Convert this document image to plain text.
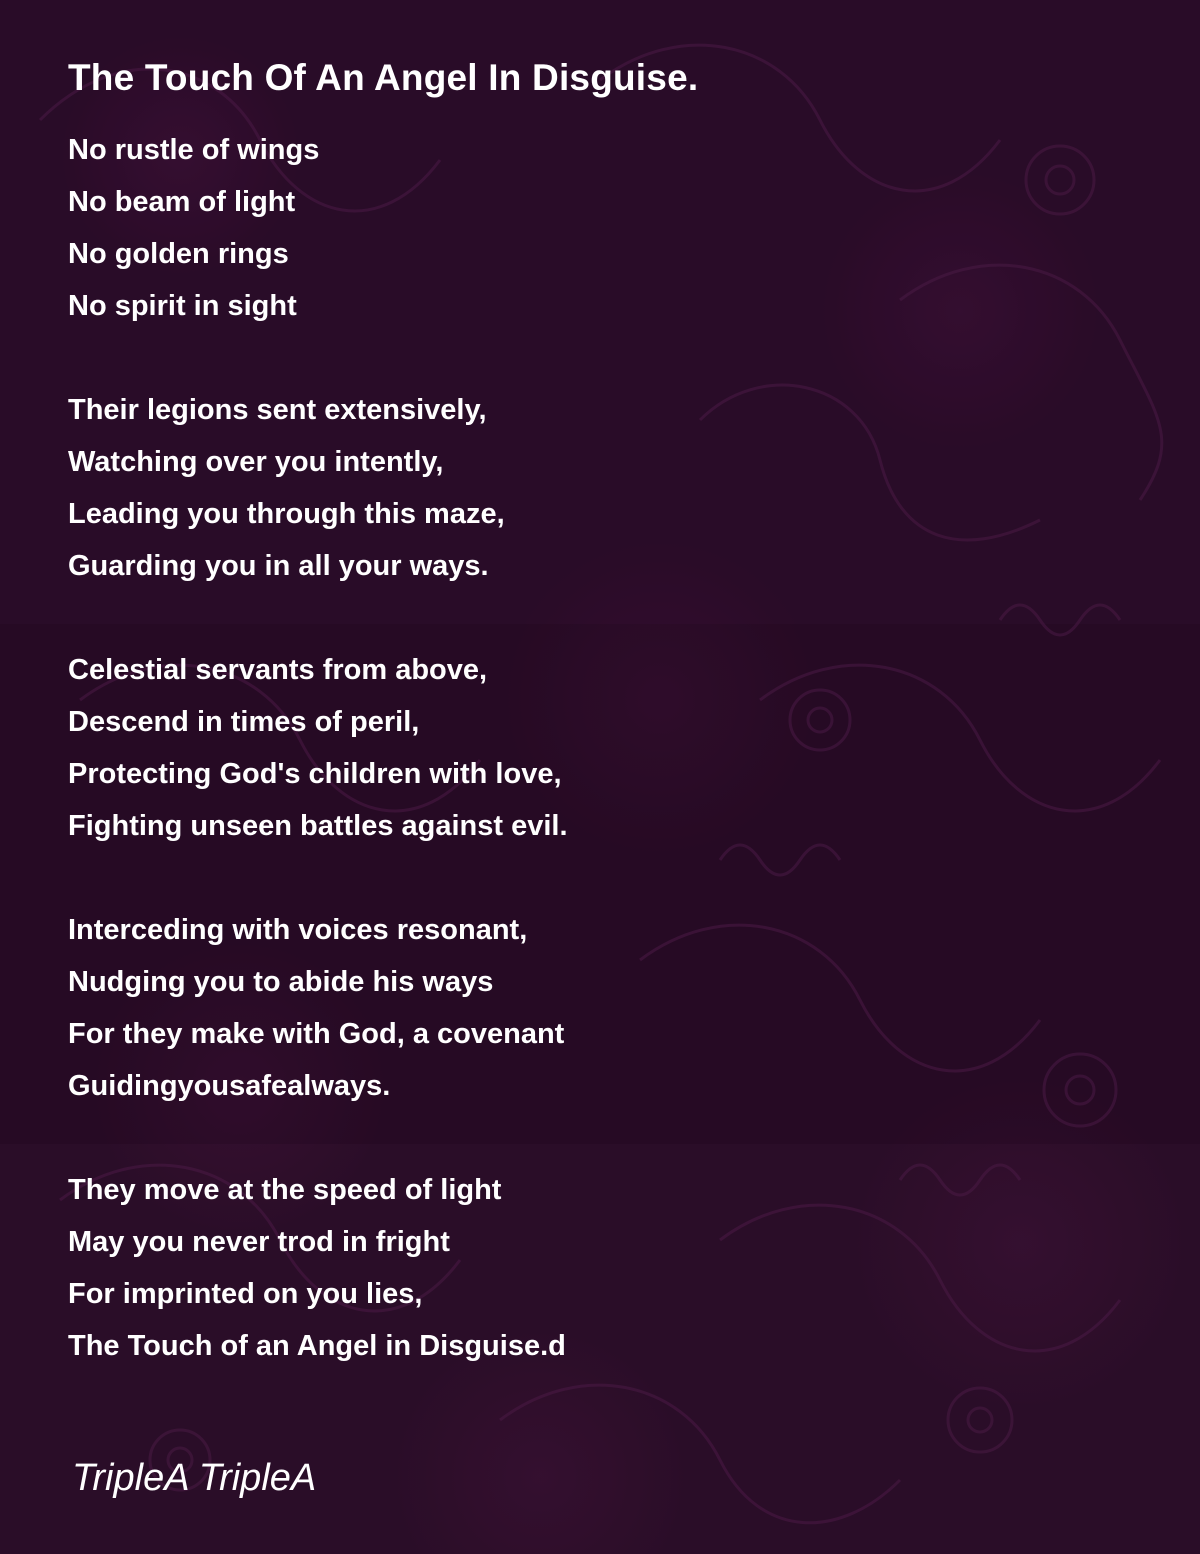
The Touch Of An Angel In Disguise.
No rustle of wings
No beam of light
No golden rings
No spirit in sight
Their legions sent extensively,
Watching over you intently,
Leading you through this maze,
Guarding you in all your ways.
Celestial servants from above,
Descend in times of peril,
Protecting God's children with love,
Fighting unseen battles against evil.
Interceding with voices resonant,
Nudging you to abide his ways
For they make with God, a covenant
Guidingyousafealways.
They move at the speed of light
May you never trod in fright
For imprinted on you lies,
The Touch of an Angel in Disguise.d
TripleA TripleA
